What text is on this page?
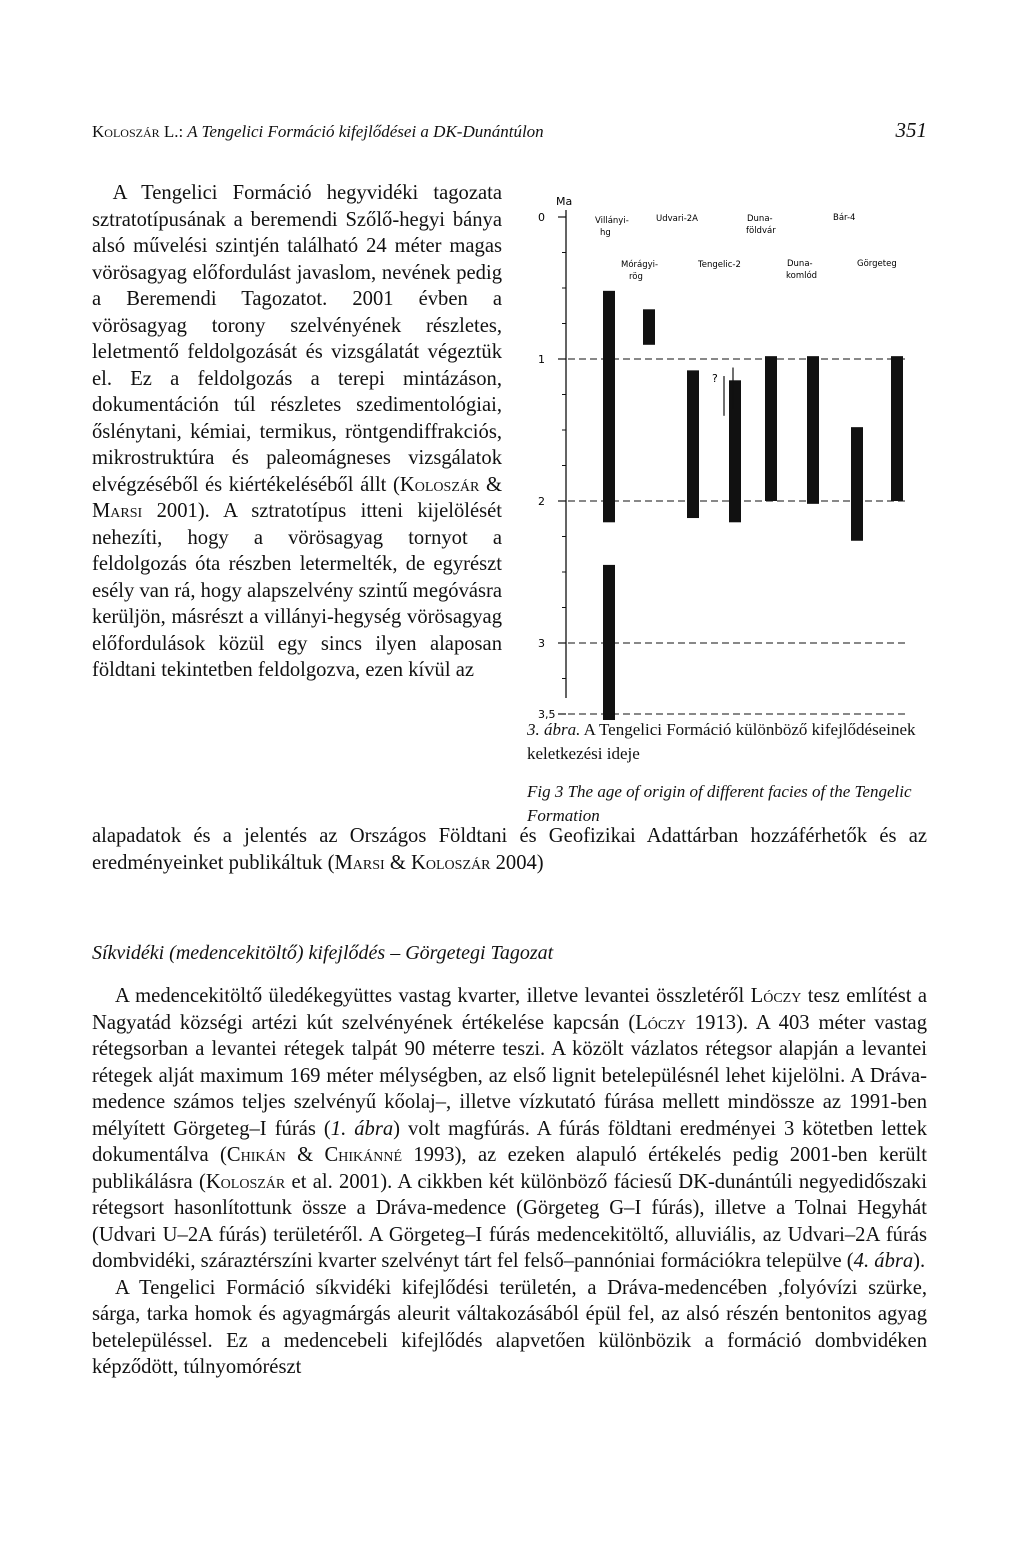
Koloszár L.: A Tengelici Formáció kifejlődései a DK-Dunántúlon	351

 A Tengelici Formáció hegyvidéki tagozata sztratotípusának a beremendi Szőlő-hegyi bánya alsó művelési szintjén található 24 méter magas vörösagyag előfordulást javaslom, nevének pedig a Beremendi Tagozatot. 2001 évben a vörösagyag torony szelvényének részletes, leletmentő feldolgozását és vizsgálatát végeztük el. Ez a feldolgozás a terepi mintázáson, dokumentáción túl részletes szedimentológiai, őslénytani, kémiai, termikus, röntgendiffrakciós, mikrostruktúra és paleomágneses vizsgálatok elvégzéséből és kiértékeléséből állt (Koloszár & Marsi 2001). A sztratotípus itteni kijelölését nehezíti, hogy a vörösagyag tornyot a feldolgozás óta részben letermelték, de egyrészt esély van rá, hogy alapszelvény szintű megóvásra kerüljön, másrészt a villányi-hegység vörösagyag előfordulások közül egy sincs ilyen alaposan földtani tekintetben feldolgozva, ezen kívül az

Ma
0
1
2
3
3,5
Villányi-
hg
Mórágyi-
rög
Udvari-2A
Tengelic-2
Duna-
földvár
Duna-
komlód
Bár-4
Görgeteg
?
3. ábra. A Tengelici Formáció különböző kifejlődéseinek keletkezési ideje
Fig 3 The age of origin of different facies of the Tengelic Formation

alapadatok és a jelentés az Országos Földtani és Geofizikai Adattárban hozzáférhetők és az eredményeinket publikáltuk (Marsi & Koloszár 2004)

Síkvidéki (medencekitöltő) kifejlődés – Görgetegi Tagozat

A medencekitöltő üledékegyüttes vastag kvarter, illetve levantei összletéről Lóczy tesz említést a Nagyatád községi artézi kút szelvényének értékelése kapcsán (Lóczy 1913). A 403 méter vastag rétegsorban a levantei rétegek talpát 90 méterre teszi. A közölt vázlatos rétegsor alapján a levantei rétegek alját maximum 169 méter mélységben, az első lignit betelepülésnél lehet kijelölni. A Dráva-medence számos teljes szelvényű kőolaj–, illetve vízkutató fúrása mellett mindössze az 1991-ben mélyített Görgeteg–I fúrás (1. ábra) volt magfúrás. A fúrás földtani eredményei 3 kötetben lettek dokumentálva (Chikán & Chikánné 1993), az ezeken alapuló értékelés pedig 2001-ben került publikálásra (Koloszár et al. 2001). A cikkben két különböző fáciesű DK-dunántúli negyedidőszaki rétegsort hasonlítottunk össze a Dráva-medence (Görgeteg G–I fúrás), illetve a Tolnai Hegyhát (Udvari U–2A fúrás) területéről. A Görgeteg–I fúrás medencekitöltő, alluviális, az Udvari–2A fúrás dombvidéki, száraztérszíni kvarter szelvényt tárt fel felső–pannóniai formációkra települve (4. ábra).

A Tengelici Formáció síkvidéki kifejlődési területén, a Dráva-medencében ,folyóvízi szürke, sárga, tarka homok és agyagmárgás aleurit váltakozásából épül fel, az alsó részén bentonitos agyag betelepüléssel. Ez a medencebeli kifejlődés alapvetően különbözik a formáció dombvidéken képződött, túlnyomórészt
